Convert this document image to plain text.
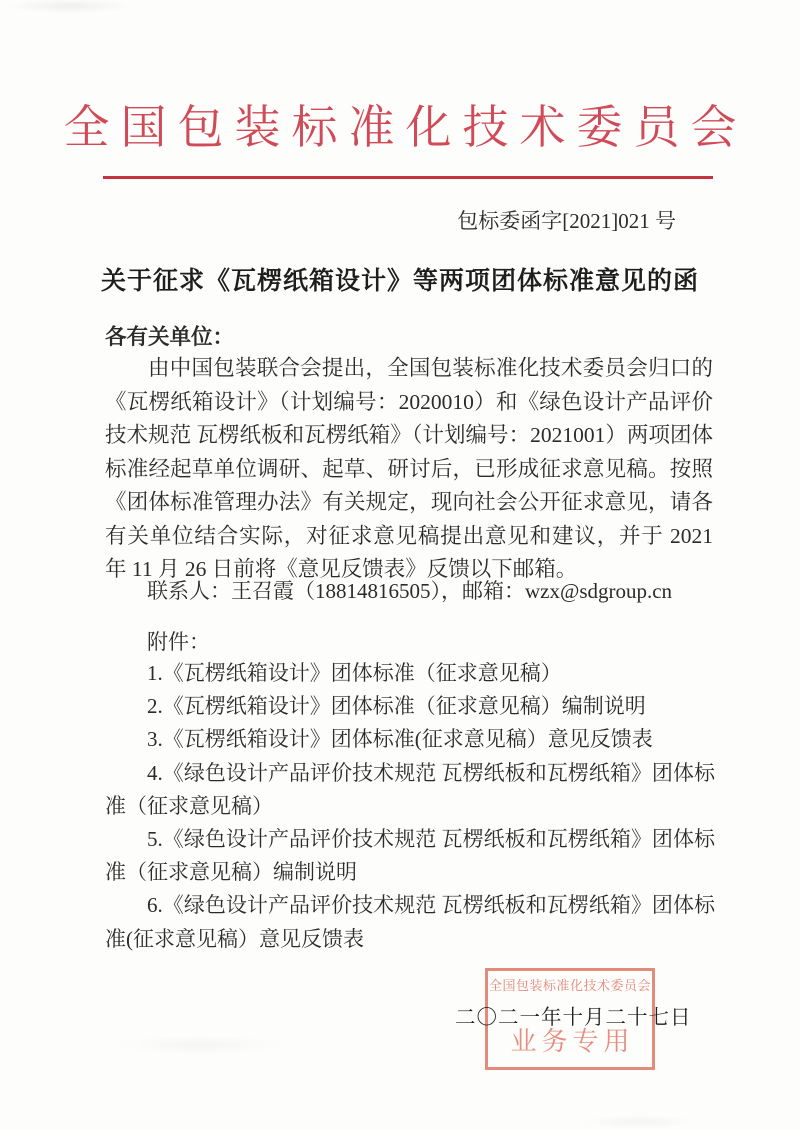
全国包装标准化技术委员会
包标委函字[2021]021 号
关于征求《瓦楞纸箱设计》等两项团体标准意见的函
各有关单位：
由中国包装联合会提出，全国包装标准化技术委员会归口的《瓦楞纸箱设计》（计划编号：2020010）和《绿色设计产品评价技术规范 瓦楞纸板和瓦楞纸箱》（计划编号：2021001）两项团体标准经起草单位调研、起草、研讨后，已形成征求意见稿。按照《团体标准管理办法》有关规定，现向社会公开征求意见，请各有关单位结合实际，对征求意见稿提出意见和建议，并于 2021 年 11 月 26 日前将《意见反馈表》反馈以下邮箱。
联系人：王召霞（18814816505），邮箱：wzx@sdgroup.cn
附件：
1.《瓦楞纸箱设计》团体标准（征求意见稿）
2.《瓦楞纸箱设计》团体标准（征求意见稿）编制说明
3.《瓦楞纸箱设计》团体标准(征求意见稿）意见反馈表
4.《绿色设计产品评价技术规范 瓦楞纸板和瓦楞纸箱》团体标准（征求意见稿）
5.《绿色设计产品评价技术规范 瓦楞纸板和瓦楞纸箱》团体标准（征求意见稿）编制说明
6.《绿色设计产品评价技术规范 瓦楞纸板和瓦楞纸箱》团体标准(征求意见稿）意见反馈表
全国包装标准化技术委员会
业务专用
二〇二一年十月二十七日
